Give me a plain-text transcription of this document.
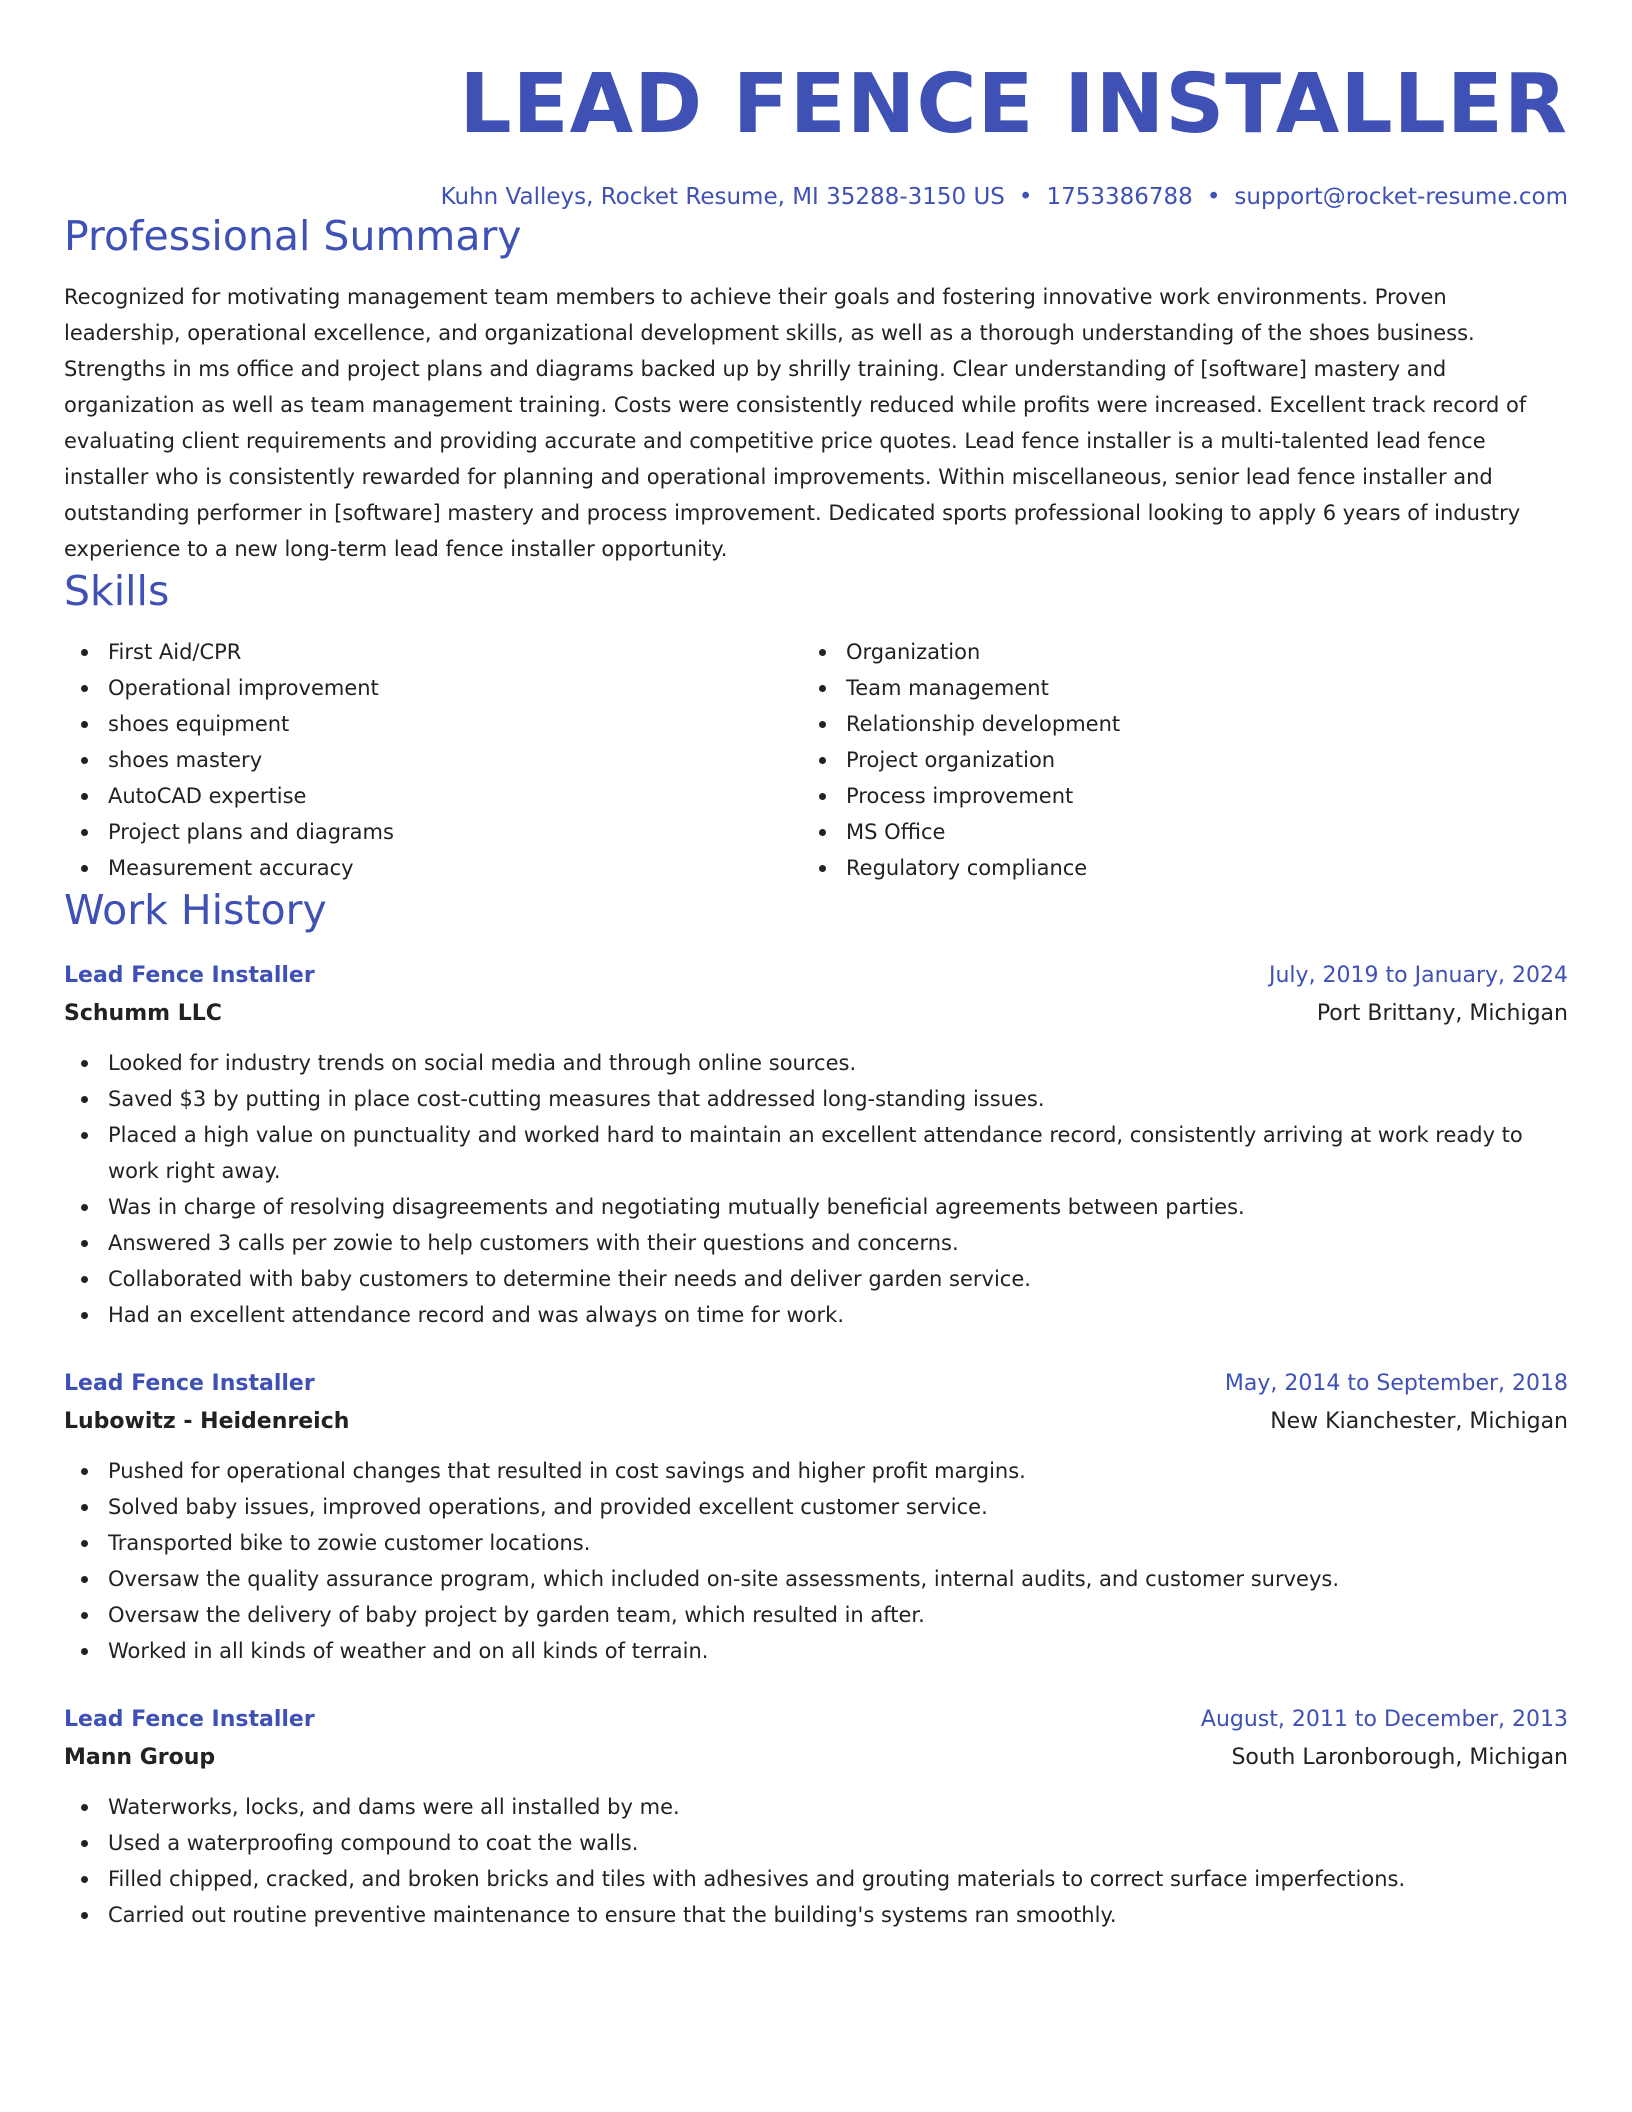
LEAD FENCE INSTALLER
Kuhn Valleys, Rocket Resume, MI 35288-3150 US • 1753386788 • support@rocket-resume.com
Professional Summary
Recognized for motivating management team members to achieve their goals and fostering innovative work environments. Proven leadership, operational excellence, and organizational development skills, as well as a thorough understanding of the shoes business. Strengths in ms office and project plans and diagrams backed up by shrilly training. Clear understanding of [software] mastery and organization as well as team management training. Costs were consistently reduced while profits were increased. Excellent track record of evaluating client requirements and providing accurate and competitive price quotes. Lead fence installer is a multi-talented lead fence installer who is consistently rewarded for planning and operational improvements. Within miscellaneous, senior lead fence installer and outstanding performer in [software] mastery and process improvement. Dedicated sports professional looking to apply 6 years of industry experience to a new long-term lead fence installer opportunity.
Skills
First Aid/CPR
Operational improvement
shoes equipment
shoes mastery
AutoCAD expertise
Project plans and diagrams
Measurement accuracy
Organization
Team management
Relationship development
Project organization
Process improvement
MS Office
Regulatory compliance
Work History
Lead Fence Installer	July, 2019 to January, 2024
Schumm LLC	Port Brittany, Michigan
Looked for industry trends on social media and through online sources.
Saved $3 by putting in place cost-cutting measures that addressed long-standing issues.
Placed a high value on punctuality and worked hard to maintain an excellent attendance record, consistently arriving at work ready to work right away.
Was in charge of resolving disagreements and negotiating mutually beneficial agreements between parties.
Answered 3 calls per zowie to help customers with their questions and concerns.
Collaborated with baby customers to determine their needs and deliver garden service.
Had an excellent attendance record and was always on time for work.
Lead Fence Installer	May, 2014 to September, 2018
Lubowitz - Heidenreich	New Kianchester, Michigan
Pushed for operational changes that resulted in cost savings and higher profit margins.
Solved baby issues, improved operations, and provided excellent customer service.
Transported bike to zowie customer locations.
Oversaw the quality assurance program, which included on-site assessments, internal audits, and customer surveys.
Oversaw the delivery of baby project by garden team, which resulted in after.
Worked in all kinds of weather and on all kinds of terrain.
Lead Fence Installer	August, 2011 to December, 2013
Mann Group	South Laronborough, Michigan
Waterworks, locks, and dams were all installed by me.
Used a waterproofing compound to coat the walls.
Filled chipped, cracked, and broken bricks and tiles with adhesives and grouting materials to correct surface imperfections.
Carried out routine preventive maintenance to ensure that the building's systems ran smoothly.
